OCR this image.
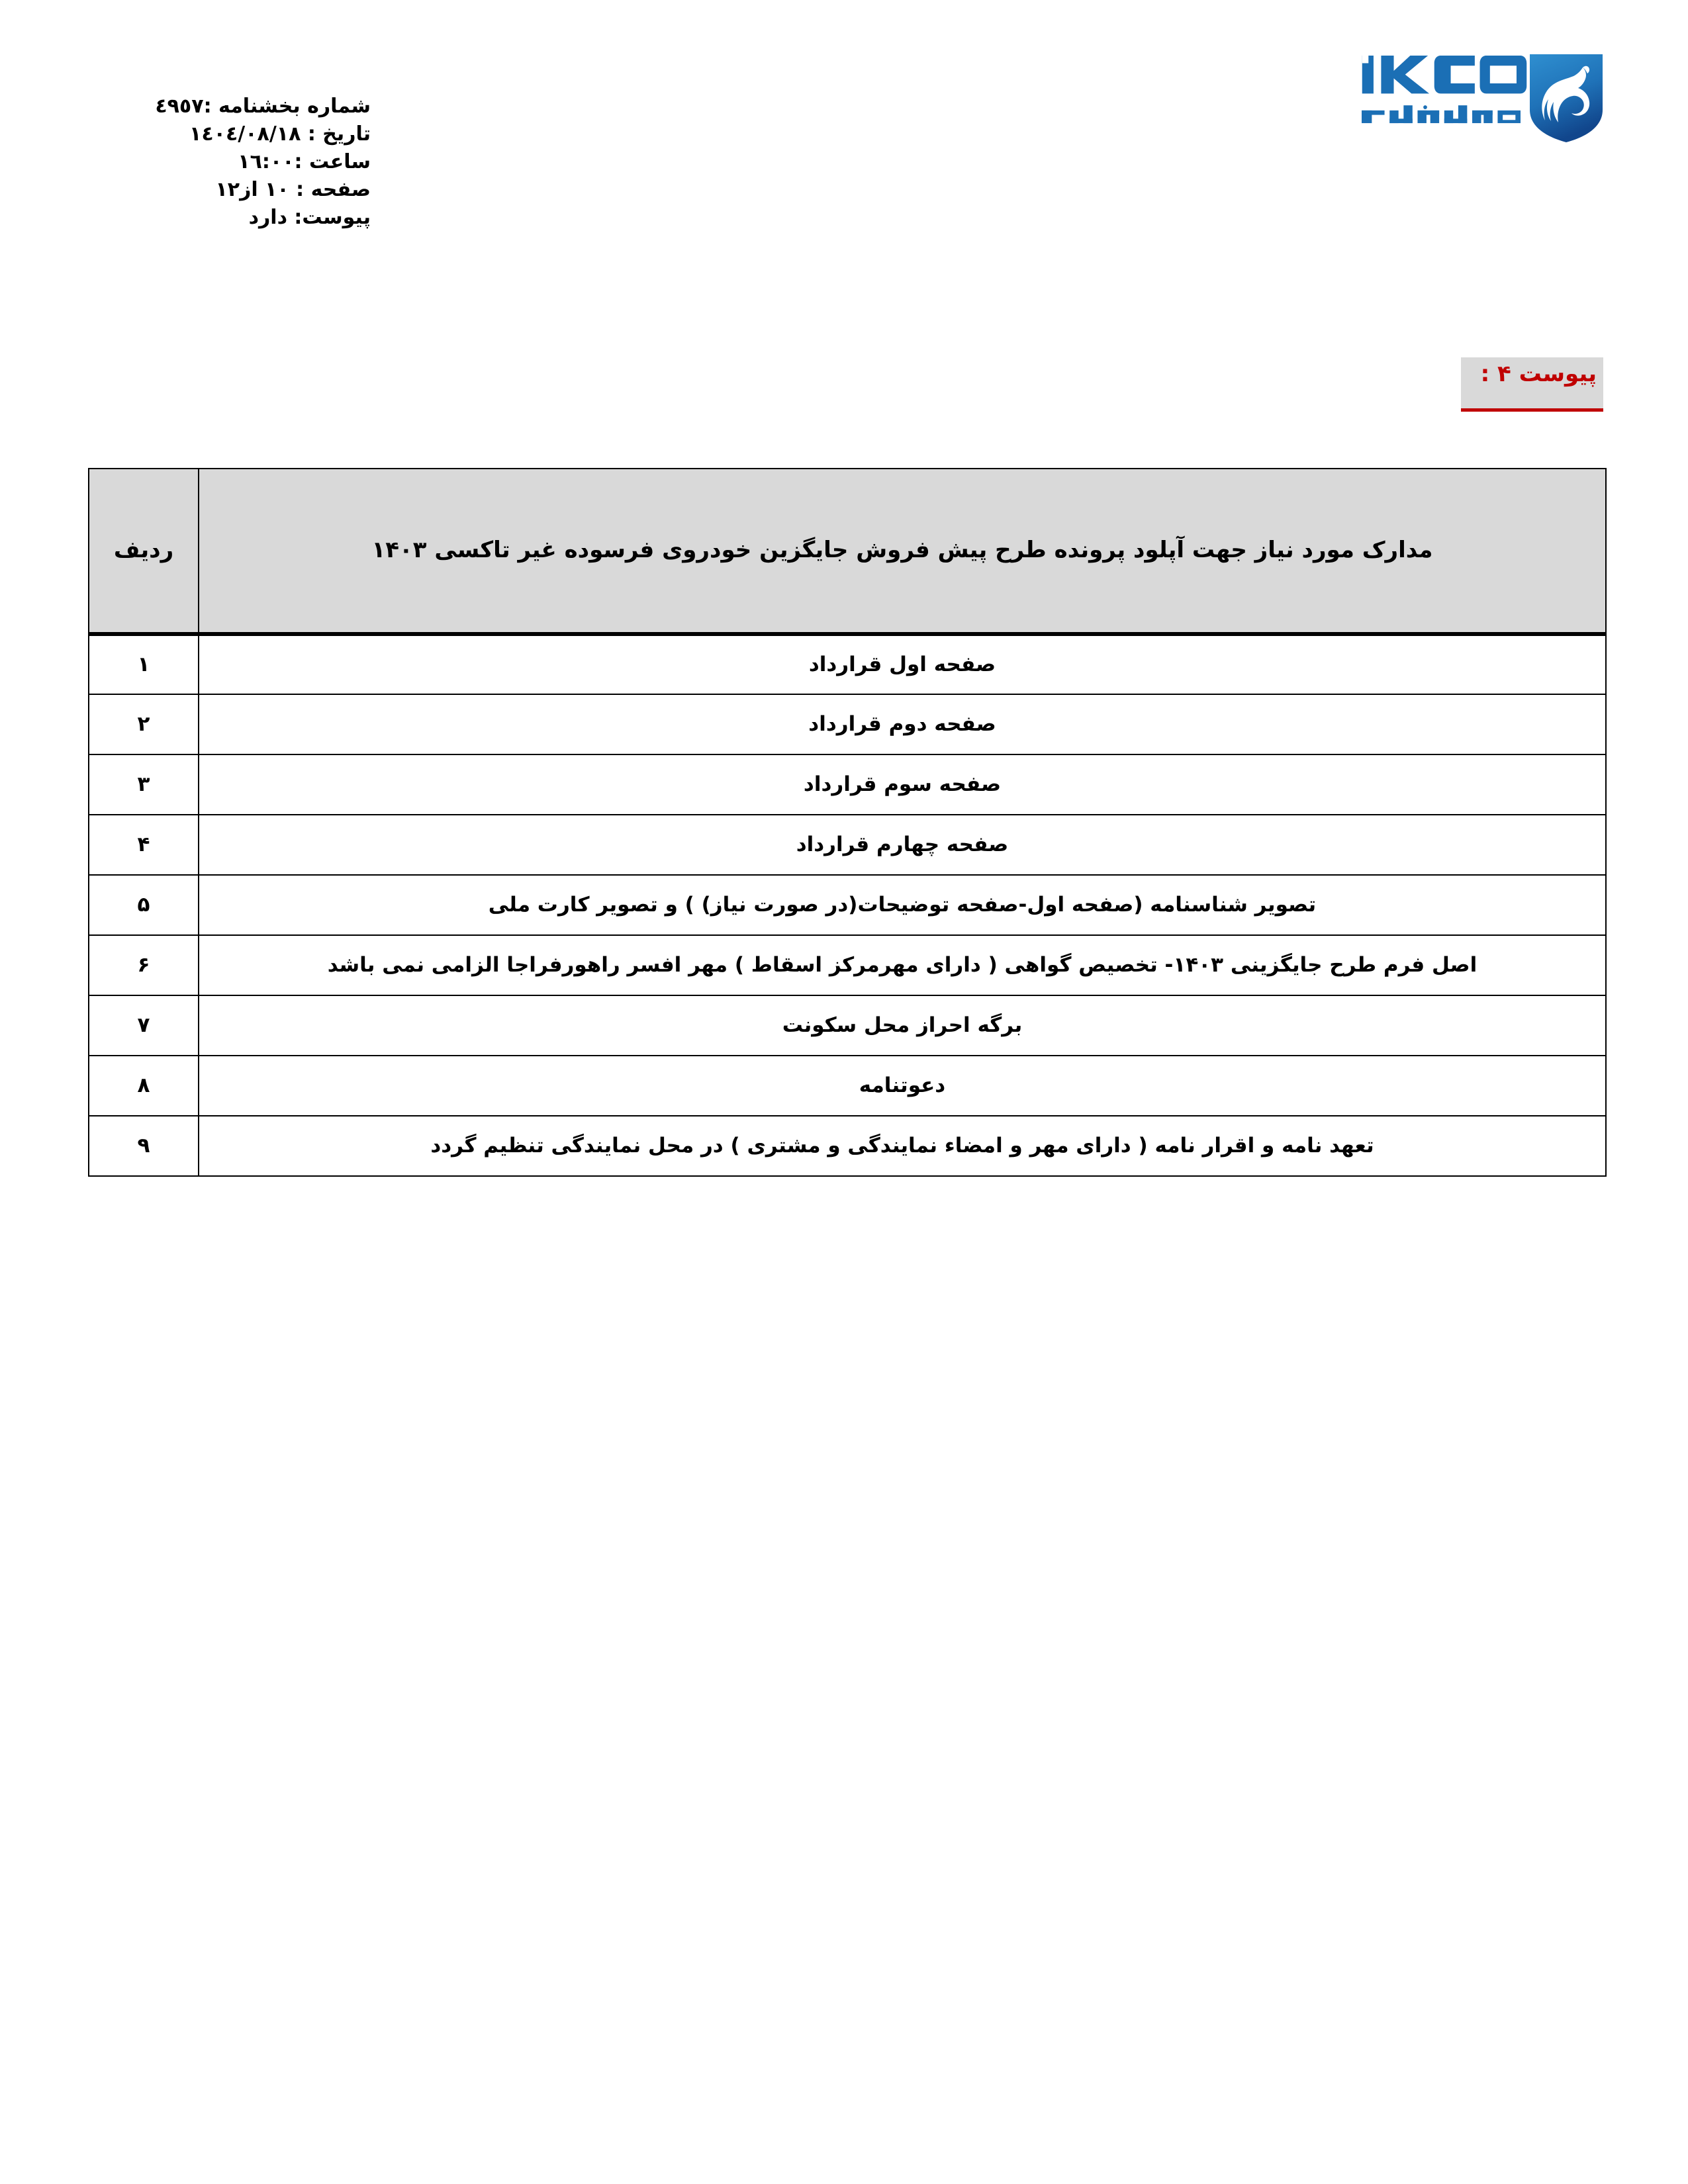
شماره بخشنامه :٤٩٥٧
تاریخ : ١٤٠٤/٠٨/١٨
ساعت :١٦:٠٠
صفحه : ١٠ از١٢
پیوست: دارد
پیوست ۴ :
مدارک مورد نیاز جهت آپلود پرونده طرح پیش فروش جایگزین خودروی فرسوده غیر تاکسی ۱۴۰۳	ردیف
صفحه اول قرارداد	۱
صفحه دوم قرارداد	۲
صفحه سوم قرارداد	۳
صفحه چهارم قرارداد	۴
تصویر شناسنامه (صفحه اول-صفحه توضیحات(در صورت نیاز) ) و تصویر کارت ملی	۵
اصل فرم طرح جایگزینی ۱۴۰۳- تخصیص گواهی ( دارای مهرمرکز اسقاط ) مهر افسر راهورفراجا الزامی نمی باشد	۶
برگه احراز محل سکونت	۷
دعوتنامه	۸
تعهد نامه و اقرار نامه ( دارای مهر و امضاء نمایندگی و مشتری ) در محل نمایندگی تنظیم گردد	۹
